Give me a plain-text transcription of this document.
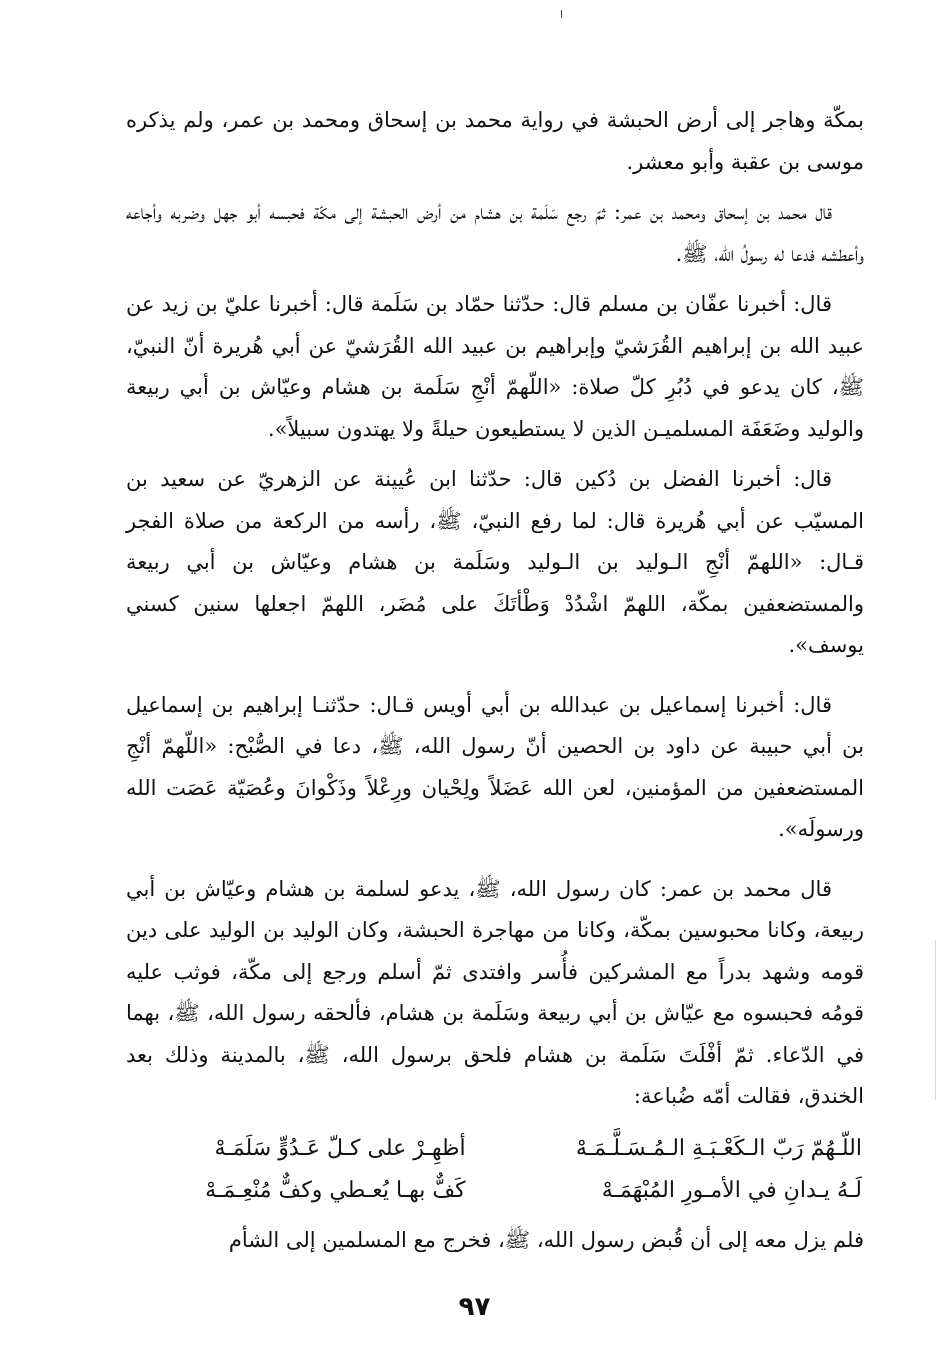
بمكّة وهاجر إلى أرض الحبشة في رواية محمد بن إسحاق ومحمد بن عمر، ولم يذكره موسى بن عقبة وأبو معشر.

قال محمد بن إسحاق ومحمد بن عمر: ثمّ رجع سَلَمة بن هشام من أرض الحبشة إلى مكّة فحبسه أبو جهل وضربه وأجاعه وأعطشه فدعا له رسولُ الله، ﷺ.

قال: أخبرنا عفّان بن مسلم قال: حدّثنا حمّاد بن سَلَمة قال: أخبرنا عليّ بن زيد عن عبيد الله بن إبراهيم القُرَشيّ وإبراهيم بن عبيد الله القُرَشيّ عن أبي هُريرة أنّ النبيّ، ﷺ، كان يدعو في دُبُرِ كلّ صلاة: «اللّهمّ أنْجِ سَلَمة بن هشام وعيّاش بن أبي ربيعة والوليد وضَعَفَة المسلميـن الذين لا يستطيعون حيلةً ولا يهتدون سبيلاً».

قال: أخبرنا الفضل بن دُكين قال: حدّثنا ابن عُيينة عن الزهريّ عن سعيد بن المسيّب عن أبي هُريرة قال: لما رفع النبيّ، ﷺ، رأسه من الركعة من صلاة الفجر قـال: «اللهمّ أنْجِ الـوليد بن الـوليد وسَلَمة بن هشام وعيّاش بن أبي ربيعة والمستضعفين بمكّة، اللهمّ اشْدُدْ وَطْأتَكَ على مُضَر، اللهمّ اجعلها سنين كسني يوسف».

قال: أخبرنا إسماعيل بن عبدالله بن أبي أويس قـال: حدّثنـا إبراهيم بن إسماعيل بن أبي حبيبة عن داود بن الحصين أنّ رسول الله، ﷺ، دعا في الصُّبْح: «اللّهمّ أنْجِ المستضعفين من المؤمنين، لعن الله عَضَلاً ولِحْيان ورِعْلاً وذَكْوانَ وعُصَيّة عَصَت الله ورسولَه».

قال محمد بن عمر: كان رسول الله، ﷺ، يدعو لسلمة بن هشام وعيّاش بن أبي ربيعة، وكانا محبوسين بمكّة، وكانا من مهاجرة الحبشة، وكان الوليد بن الوليد على دين قومه وشهد بدراً مع المشركين فأُسر وافتدى ثمّ أسلم ورجع إلى مكّة، فوثب عليه قومُه فحبسوه مع عيّاش بن أبي ربيعة وسَلَمة بن هشام، فألحقه رسول الله، ﷺ، بهما في الدّعاء. ثمّ أفْلَتَ سَلَمة بن هشام فلحق برسول الله، ﷺ، بالمدينة وذلك بعد الخندق، فقالت أمّه ضُباعة:

اللّـهُمّ رَبّ الـكَعْـبَـةِ الـمُـسَـلَّـمَـهْ
أظهِـرْ على كـلّ عَـدُوٍّ سَلَمَـهْ
لَـهُ يـدانِ في الأمـورِ المُبْهَمَـهْ
كَفٌّ بهـا يُعـطي وكفٌّ مُنْعِـمَـهْ

فلم يزل معه إلى أن قُبض رسول الله، ﷺ، فخرج مع المسلمين إلى الشأم

٩٧
